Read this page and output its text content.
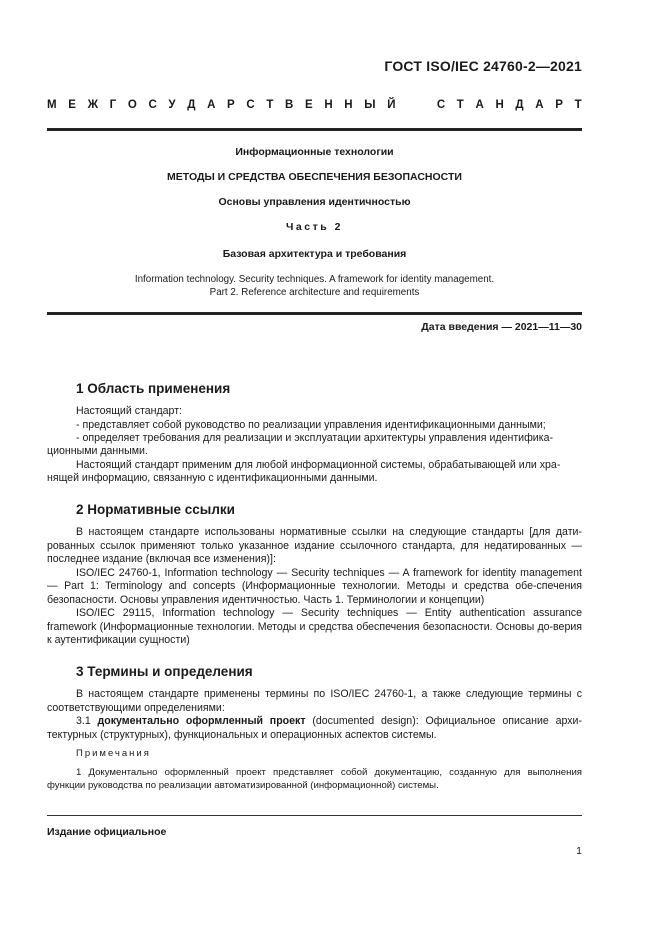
ГОСТ ISO/IEC 24760-2—2021
М Е Ж Г О С У Д А Р С Т В Е Н Н Ы Й

	С Т А Н Д А Р Т
Информационные технологии
МЕТОДЫ И СРЕДСТВА ОБЕСПЕЧЕНИЯ БЕЗОПАСНОСТИ
Основы управления идентичностью
Часть 2
Базовая архитектура и требования
Information technology. Security techniques. A framework for identity management.
Part 2. Reference architecture and requirements
Дата введения — 2021—11—30
1 Область применения

Настоящий стандарт:

- представляет собой руководство по реализации управления идентификационными данными;

- определяет требования для реализации и эксплуатации архитектуры управления идентифика-

ционными данными.

Настоящий стандарт применим для любой информационной системы, обрабатывающей или хра-

нящей информацию, связанную с идентификационными данными.

2 Нормативные ссылки

В настоящем стандарте использованы нормативные ссылки на следующие стандарты [для дати-рованных ссылок применяют только указанное издание ссылочного стандарта, для недатированных — последнее издание (включая все изменения)]:

ISO/IEC 24760-1, Information technology — Security techniques — A framework for identity management — Part 1: Terminology and concepts (Информационные технологии. Методы и средства обе-спечения безопасности. Основы управления идентичностью. Часть 1. Терминологии и концепции)

ISO/IEC 29115, Information technology — Security techniques — Entity authentication assurance framework (Информационные технологии. Методы и средства обеспечения безопасности. Основы до-верия к аутентификации сущности)

3 Термины и определения

В настоящем стандарте применены термины по ISO/IEC 24760-1, а также следующие термины с соответствующими определениями:

3.1 документально оформленный проект (documented design): Официальное описание архи-тектурных (структурных), функциональных и операционных аспектов системы.

Примечания

1 Документально оформленный проект представляет собой документацию, созданную для выполнения функции руководства по реализации автоматизированной (информационной) системы.

Издание официальное
1
